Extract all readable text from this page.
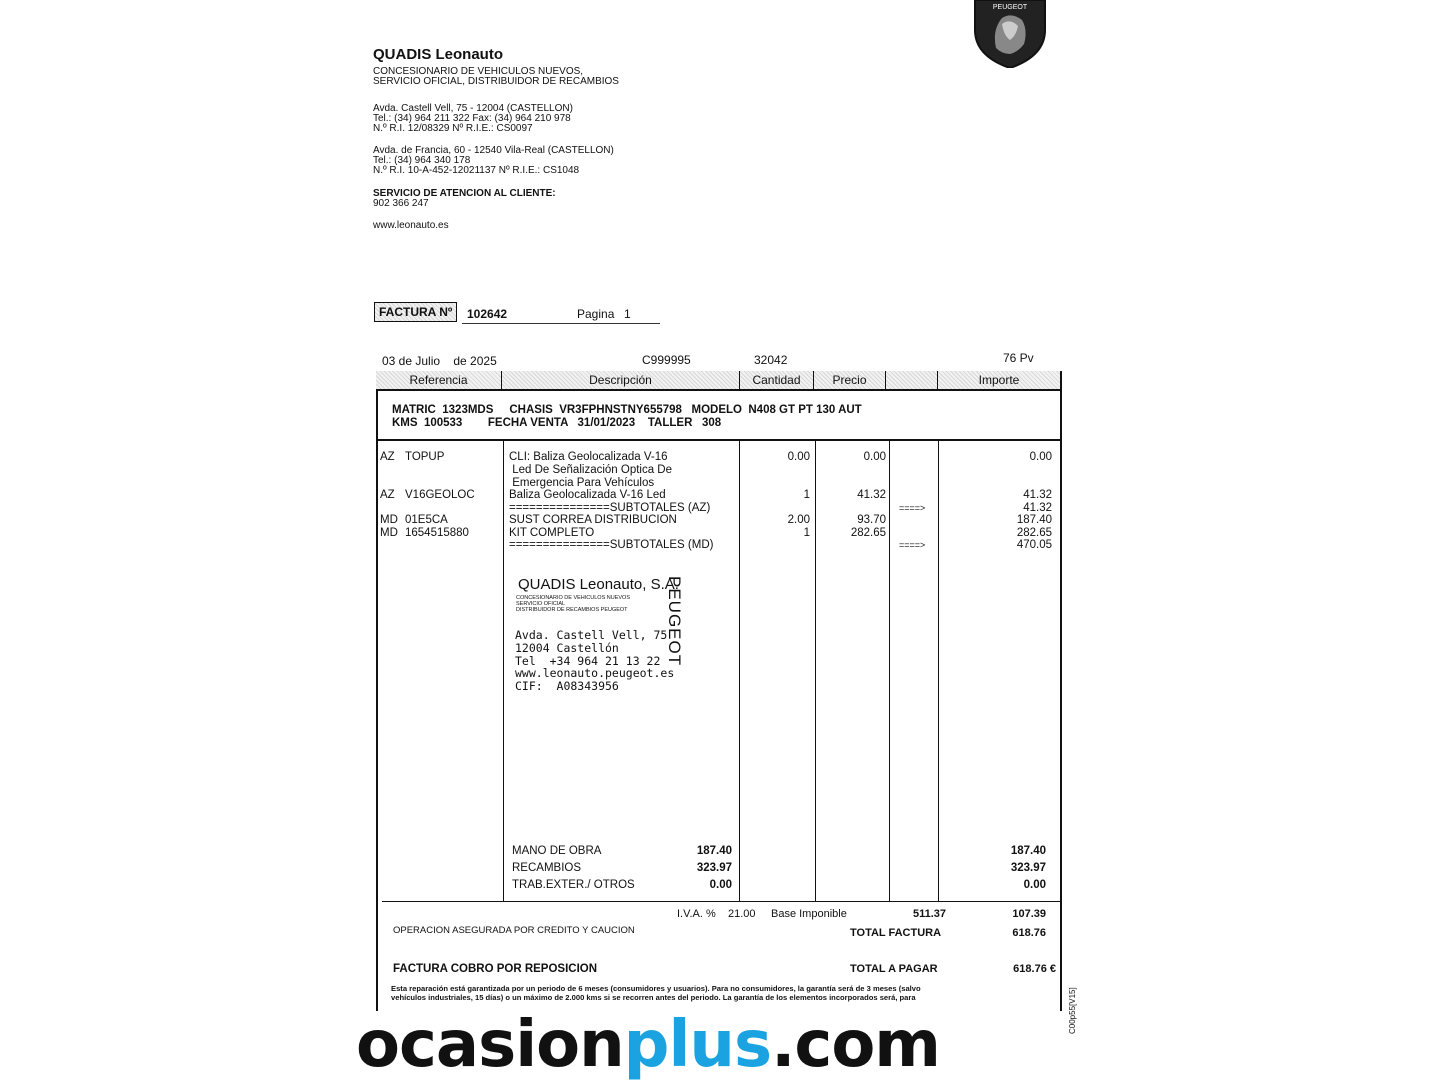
PEUGEOT
QUADIS Leonauto
CONCESIONARIO DE VEHICULOS NUEVOS,
SERVICIO OFICIAL, DISTRIBUIDOR DE RECAMBIOS
Avda. Castell Vell, 75 - 12004 (CASTELLON)
Tel.: (34) 964 211 322 Fax: (34) 964 210 978
N.º R.I. 12/08329 Nº R.I.E.: CS0097
Avda. de Francia, 60 - 12540 Vila-Real (CASTELLON)
Tel.: (34) 964 340 178
N.º R.I. 10-A-452-12021137 Nº R.I.E.: CS1048
SERVICIO DE ATENCION AL CLIENTE:
902 366 247
www.leonauto.es
FACTURA Nº	102642	Pagina 1
03 de Julio    de 2025	C999995	32042	76 Pv
Referencia	Descripción	Cantidad	Precio	Importe
MATRIC  1323MDS     CHASIS  VR3FPHNSTNY655798   MODELO  N408 GT PT 130 AUT
KMS  100533        FECHA VENTA   31/01/2023    TALLER   308
AZ TOPUP	CLI: Baliza Geolocalizada V-16	0.00	0.00	0.00
Led De Señalización Óptica De
Emergencia Para Vehículos
AZ V16GEOLOC	Baliza Geolocalizada V-16 Led	1	41.32	41.32
===============SUBTOTALES (AZ)	====>	41.32
MD 01E5CA	SUST CORREA DISTRIBUCION	2.00	93.70	187.40
MD 1654515880	KIT COMPLETO	1	282.65	282.65
===============SUBTOTALES (MD)	====>	470.05
QUADIS Leonauto, S.A.
CONCESIONARIO DE VEHICULOS NUEVOS
SERVICIO OFICIAL
DISTRIBUIDOR DE RECAMBIOS PEUGEOT
Avda. Castell Vell, 75
12004 Castellón
Tel  +34 964 21 13 22
www.leonauto.peugeot.es
CIF:  A08343956
PEUGEOT
MANO DE OBRA	187.40	187.40
RECAMBIOS	323.97	323.97
TRAB.EXTER./ OTROS	0.00	0.00
I.V.A. % 21.00 Base Imponible	511.37	107.39
OPERACION ASEGURADA POR CREDITO Y CAUCION	TOTAL FACTURA	618.76
FACTURA COBRO POR REPOSICION	TOTAL A PAGAR	618.76 €
C00p55[V15]
Esta reparación está garantizada por un periodo de 6 meses (consumidores y usuarios). Para no consumidores, la garantía será de 3 meses (salvo
vehículos industriales, 15 días) o un máximo de 2.000 kms si se recorren antes del periodo. La garantía de los elementos incorporados será, para
ocasionplus.com
